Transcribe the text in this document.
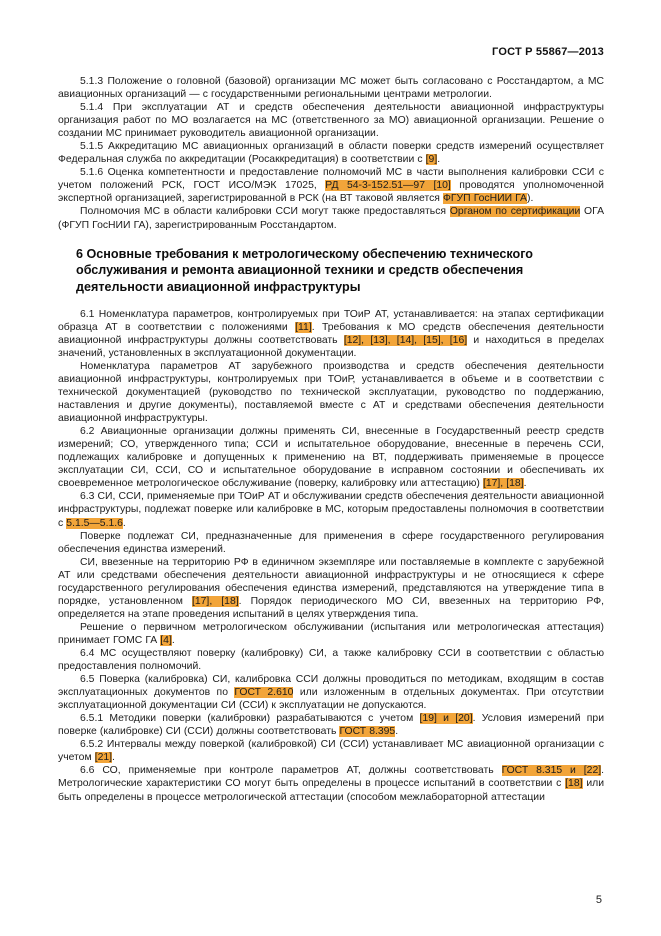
ГОСТ Р 55867—2013

5.1.3 Положение о головной (базовой) организации МС может быть согласовано с Росстандартом, а МС авиационных организаций — с государственными региональными центрами метрологии.

5.1.4 При эксплуатации АТ и средств обеспечения деятельности авиационной инфраструктуры организация работ по МО возлагается на МС (ответственного за МО) авиационной организации. Решение о создании МС принимает руководитель авиационной организации.

5.1.5 Аккредитацию МС авиационных организаций в области поверки средств измерений осуществляет Федеральная служба по аккредитации (Росаккредитация) в соответствии с [9].

5.1.6 Оценка компетентности и предоставление полномочий МС в части выполнения калибровки ССИ с учетом положений РСК, ГОСТ ИСО/МЭК 17025, РД 54-3-152.51—97 [10] проводятся уполномоченной экспертной организацией, зарегистрированной в РСК (на ВТ таковой является ФГУП ГосНИИ ГА).

Полномочия МС в области калибровки ССИ могут также предоставляться Органом по сертификации ОГА (ФГУП ГосНИИ ГА), зарегистрированным Росстандартом.

6 Основные требования к метрологическому обеспечению технического обслуживания и ремонта авиационной техники и средств обеспечения деятельности авиационной инфраструктуры

6.1 Номенклатура параметров, контролируемых при ТОиР АТ, устанавливается: на этапах сертификации образца АТ в соответствии с положениями [11]. Требования к МО средств обеспечения деятельности авиационной инфраструктуры должны соответствовать [12], [13], [14], [15], [16] и находиться в пределах значений, установленных в эксплуатационной документации.

Номенклатура параметров АТ зарубежного производства и средств обеспечения деятельности авиационной инфраструктуры, контролируемых при ТОиР, устанавливается в объеме и в соответствии с технической документацией (руководство по технической эксплуатации, руководство по поддержанию, наставления и другие документы), поставляемой вместе с АТ и средствами обеспечения деятельности авиационной инфраструктуры.

6.2 Авиационные организации должны применять СИ, внесенные в Государственный реестр средств измерений; СО, утвержденного типа; ССИ и испытательное оборудование, внесенные в перечень ССИ, подлежащих калибровке и допущенных к применению на ВТ, поддерживать применяемые в процессе эксплуатации СИ, ССИ, СО и испытательное оборудование в исправном состоянии и обеспечивать их своевременное метрологическое обслуживание (поверку, калибровку или аттестацию) [17], [18].

6.3 СИ, ССИ, применяемые при ТОиР АТ и обслуживании средств обеспечения деятельности авиационной инфраструктуры, подлежат поверке или калибровке в МС, которым предоставлены полномочия в соответствии с 5.1.5—5.1.6.

Поверке подлежат СИ, предназначенные для применения в сфере государственного регулирования обеспечения единства измерений.

СИ, ввезенные на территорию РФ в единичном экземпляре или поставляемые в комплекте с зарубежной АТ или средствами обеспечения деятельности авиационной инфраструктуры и не относящиеся к сфере государственного регулирования обеспечения единства измерений, представляются на утверждение типа в порядке, установленном [17], [18]. Порядок периодического МО СИ, ввезенных на территорию РФ, определяется на этапе проведения испытаний в целях утверждения типа.

Решение о первичном метрологическом обслуживании (испытания или метрологическая аттестация) принимает ГОМС ГА [4].

6.4 МС осуществляют поверку (калибровку) СИ, а также калибровку ССИ в соответствии с областью предоставления полномочий.

6.5 Поверка (калибровка) СИ, калибровка ССИ должны проводиться по методикам, входящим в состав эксплуатационных документов по ГОСТ 2.610 или изложенным в отдельных документах. При отсутствии эксплуатационной документации СИ (ССИ) к эксплуатации не допускаются.

6.5.1 Методики поверки (калибровки) разрабатываются с учетом [19] и [20]. Условия измерений при поверке (калибровке) СИ (ССИ) должны соответствовать ГОСТ 8.395.

6.5.2 Интервалы между поверкой (калибровкой) СИ (ССИ) устанавливает МС авиационной организации с учетом [21].

6.6 СО, применяемые при контроле параметров АТ, должны соответствовать ГОСТ 8.315 и [22]. Метрологические характеристики СО могут быть определены в процессе испытаний в соответствии с [18] или быть определены в процессе метрологической аттестации (способом межлабораторной аттестации

5
